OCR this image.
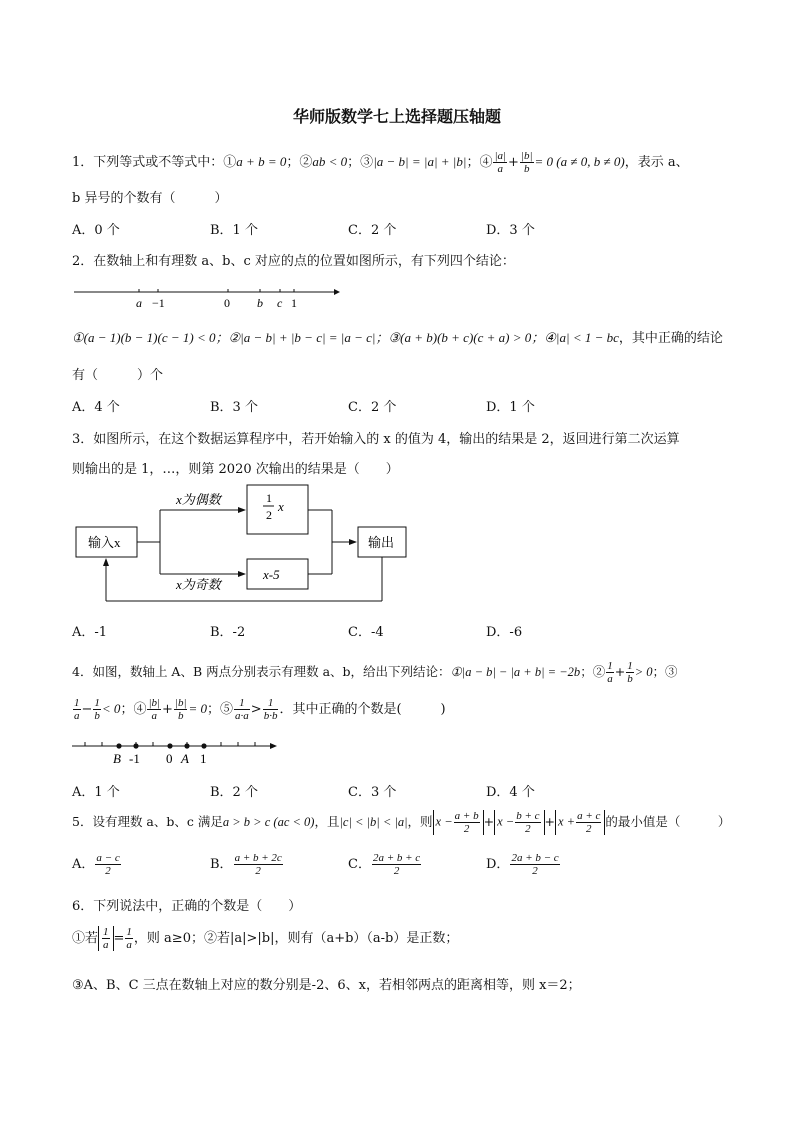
华师版数学七上选择题压轴题
1．下列等式或不等式中：①a + b = 0；②ab < 0；③|a − b| = |a| + |b|；④ $\frac{|a|}{a} + \frac{|b|}{b} = 0$ (a ≠ 0, b ≠ 0)，表示 a、
b 异号的个数有（　　　）
A．0 个	B．1 个	C．2 个	D．3 个
2．在数轴上和有理数 a、b、c 对应的点的位置如图所示，有下列四个结论：
a −1	0 b c 1
①(a − 1)(b − 1)(c − 1) < 0；②|a − b| + |b − c| = |a − c|；③(a + b)(b + c)(c + a) > 0；④|a| < 1 − bc，其中正确的结论
有（　　　）个
A．4 个	B．3 个	C．2 个	D．1 个
3．如图所示，在这个数据运算程序中，若开始输入的 x 的值为 4，输出的结果是 2，返回进行第二次运算
则输出的是 1，…，则第 2020 次输出的结果是（　　）
输入x
x为偶数
x为奇数
1
2
x
x-5
输出
A．-1	B．-2	C．-4	D．-6
4．如图，数轴上 A、B 两点分别表示有理数 a、b，给出下列结论：①|a − b| − |a + b| = −2b；② $\frac{1}{a} + \frac{1}{b} > 0$；③
$\frac{1}{a} - \frac{1}{b} < 0$；④ $\frac{|b|}{a} + \frac{|b|}{b} = 0$；⑤ $\frac{1}{a\cdot a} > \frac{1}{b\cdot b}$ ．其中正确的个数是(　　　)
B -1 0 A 1
A．1 个	B．2 个	C．3 个	D．4 个
5．设有理数 a、b、c 满足a > b > c (ac < 0)，且|c| < |b| < |a|，则 $x - \frac{a + b}{2} + x - \frac{b + c}{2} + x + \frac{a + c}{2}$ 的最小值是（　　　）
A． $\frac{a - c}{2}$	B． $\frac{a + b + 2c}{2}$	C． $\frac{2a + b + c}{2}$	D． $\frac{2a + b - c}{2}$
6．下列说法中，正确的个数是（　　）
①若 $\frac{1}{a} = \frac{1}{a}$ ，则 a≥0；②若|a|>|b|，则有（a+b）（a-b）是正数；
③A、B、C 三点在数轴上对应的数分别是-2、6、x，若相邻两点的距离相等，则 x＝2；
